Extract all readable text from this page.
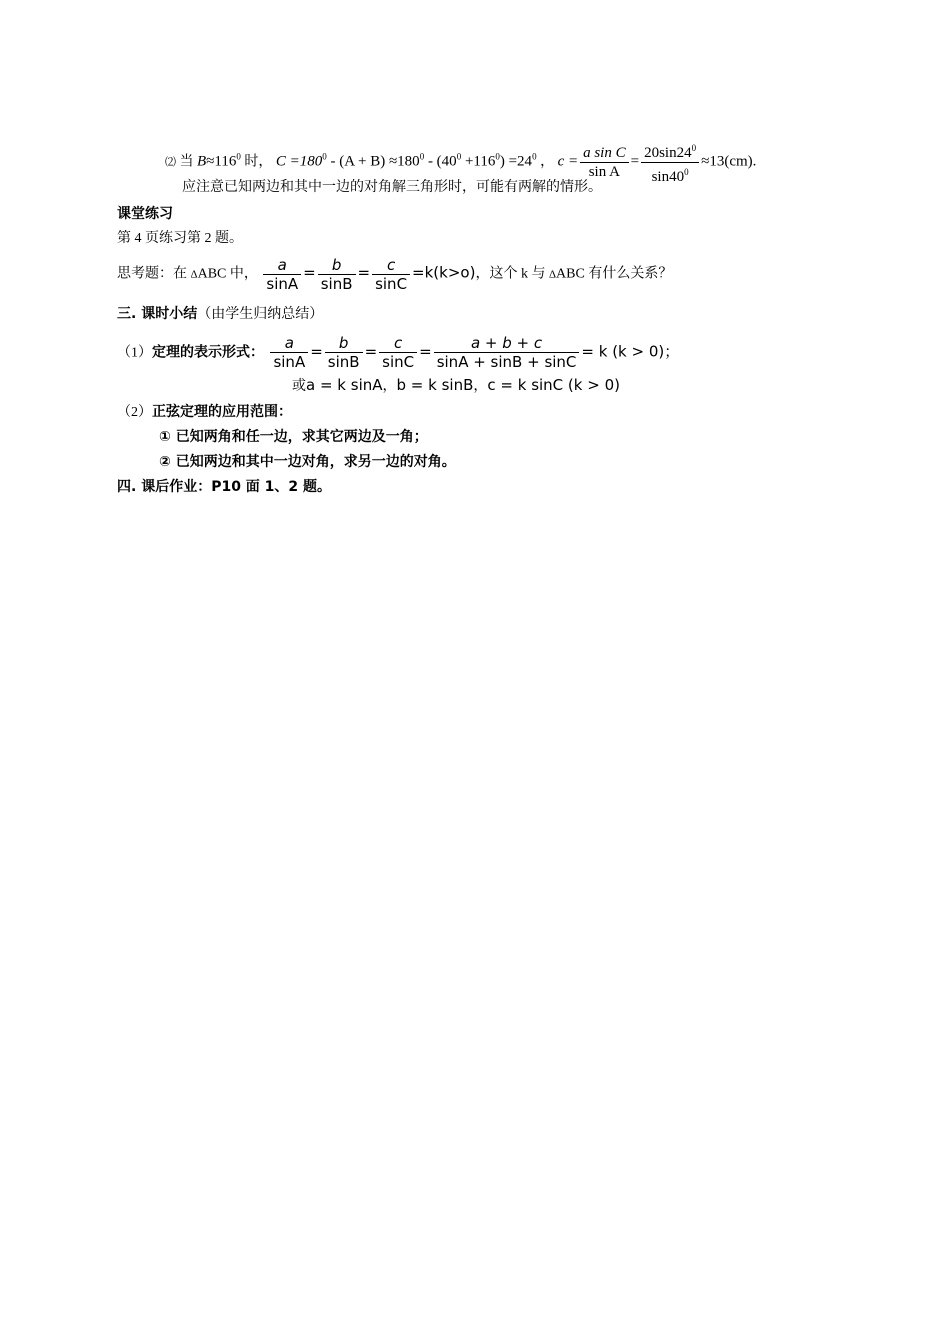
⑵ 当 $B\approx 116^0$ 时， $C =180^0 - (A + B) \approx 180^0 - (40^0 +116^0) =24^0$ ， $c = \frac{\text{a sin C}}{\text{sin A}} = \frac{20\sin 24^0}{\sin 40^0} \approx 13(cm)$.
应注意已知两边和其中一边的对角解三角形时，可能有两解的情形。
课堂练习
第 4 页练习第 2 题。
思考题：在 ΔABC 中， $\frac{a}{\sin A} = \frac{b}{\sin B} = \frac{c}{\sin C} =k(k>o)$，这个 k 与 ΔABC 有什么关系？
三. 课时小结（由学生归纳总结）
（1）定理的表示形式： $\frac{a}{\sin A} = \frac{b}{\sin B} = \frac{c}{\sin C} = \frac{a + b + c}{\sin A + \sin B + \sin C} = k$ (k > 0)；
或a = k sinA，b = k sinB，c = k sinC (k > 0)
（2）正弦定理的应用范围：
① 已知两角和任一边，求其它两边及一角；
② 已知两边和其中一边对角，求另一边的对角。
四. 课后作业：P10 面 1、2 题。
